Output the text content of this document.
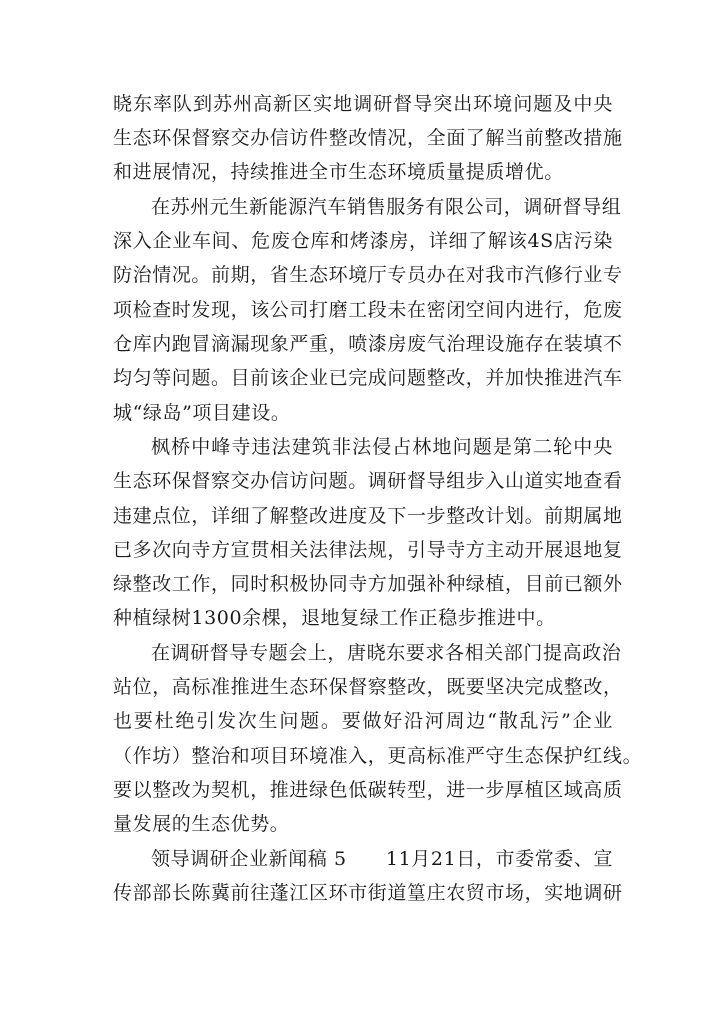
晓东率队到苏州高新区实地调研督导突出环境问题及中央
生态环保督察交办信访件整改情况，全面了解当前整改措施
和进展情况，持续推进全市生态环境质量提质增优。
在苏州元生新能源汽车销售服务有限公司，调研督导组
深入企业车间、危废仓库和烤漆房，详细了解该4S店污染
防治情况。前期，省生态环境厅专员办在对我市汽修行业专
项检查时发现，该公司打磨工段未在密闭空间内进行，危废
仓库内跑冒滴漏现象严重，喷漆房废气治理设施存在装填不
均匀等问题。目前该企业已完成问题整改，并加快推进汽车
城“绿岛”项目建设。
枫桥中峰寺违法建筑非法侵占林地问题是第二轮中央
生态环保督察交办信访问题。调研督导组步入山道实地查看
违建点位，详细了解整改进度及下一步整改计划。前期属地
已多次向寺方宣贯相关法律法规，引导寺方主动开展退地复
绿整改工作，同时积极协同寺方加强补种绿植，目前已额外
种植绿树1300余棵，退地复绿工作正稳步推进中。
在调研督导专题会上，唐晓东要求各相关部门提高政治
站位，高标准推进生态环保督察整改，既要坚决完成整改，
也要杜绝引发次生问题。要做好沿河周边“散乱污”企业
（作坊）整治和项目环境准入，更高标准严守生态保护红线。
要以整改为契机，推进绿色低碳转型，进一步厚植区域高质
量发展的生态优势。
领导调研企业新闻稿 5　　11月21日，市委常委、宣
传部部长陈冀前往蓬江区环市街道篁庄农贸市场，实地调研
